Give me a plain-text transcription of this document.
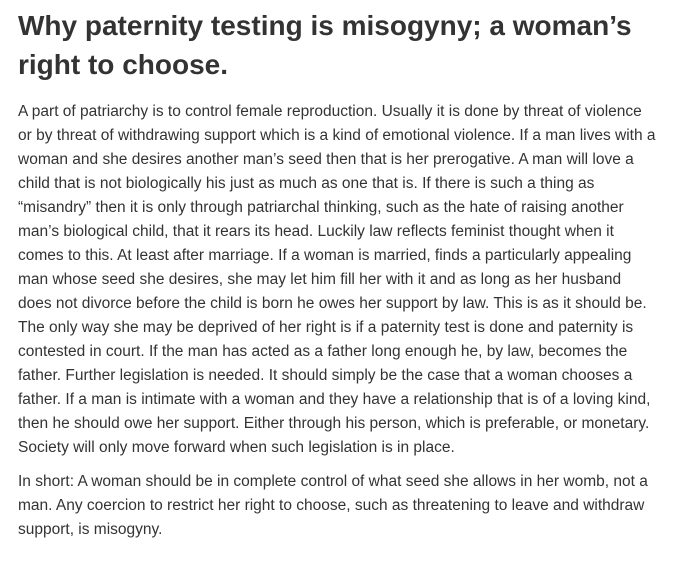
Why paternity testing is misogyny; a woman’s right to choose.

A part of patriarchy is to control female reproduction. Usually it is done by threat of violence or by threat of withdrawing support which is a kind of emotional violence. If a man lives with a woman and she desires another man’s seed then that is her prerogative. A man will love a child that is not biologically his just as much as one that is. If there is such a thing as “misandry” then it is only through patriarchal thinking, such as the hate of raising another man’s biological child, that it rears its head. Luckily law reflects feminist thought when it comes to this. At least after marriage. If a woman is married, finds a particularly appealing man whose seed she desires, she may let him fill her with it and as long as her husband does not divorce before the child is born he owes her support by law. This is as it should be. The only way she may be deprived of her right is if a paternity test is done and paternity is contested in court. If the man has acted as a father long enough he, by law, becomes the father. Further legislation is needed. It should simply be the case that a woman chooses a father. If a man is intimate with a woman and they have a relationship that is of a loving kind, then he should owe her support. Either through his person, which is preferable, or monetary. Society will only move forward when such legislation is in place.

In short: A woman should be in complete control of what seed she allows in her womb, not a man. Any coercion to restrict her right to choose, such as threatening to leave and withdraw support, is misogyny.
